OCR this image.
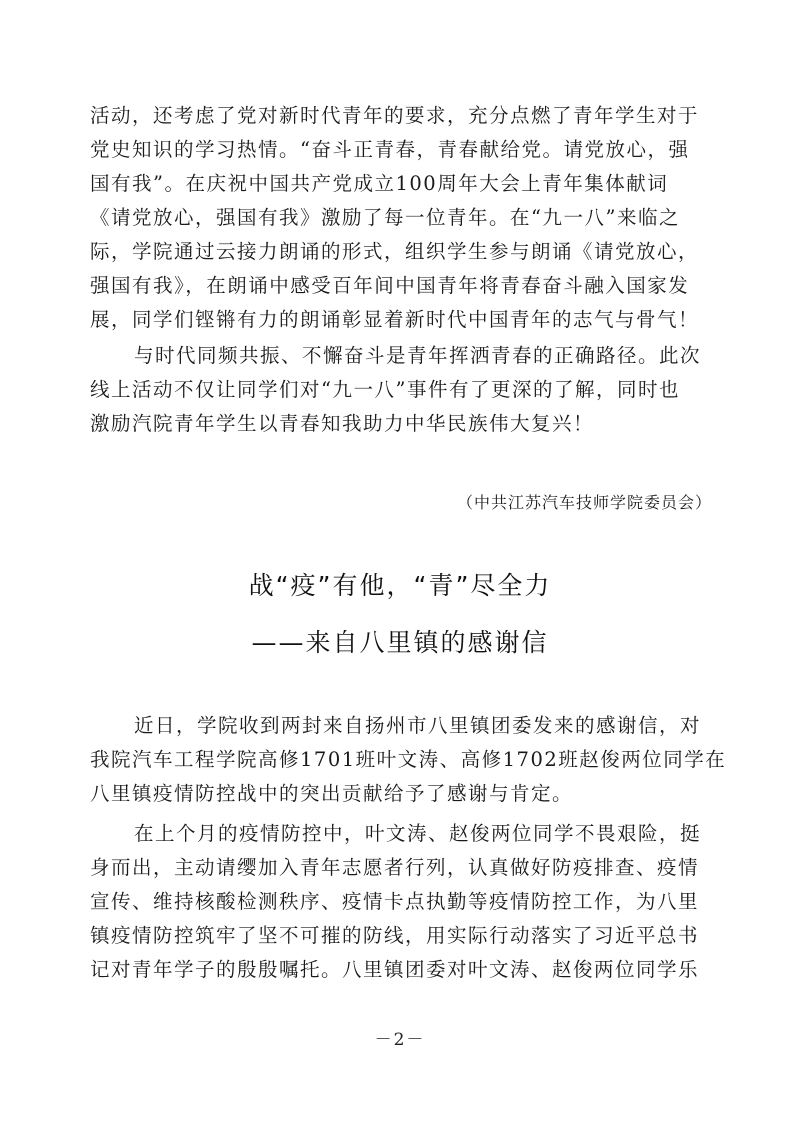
活动，还考虑了党对新时代青年的要求，充分点燃了青年学生对于
党史知识的学习热情。“奋斗正青春，青春献给党。请党放心，强
国有我”。在庆祝中国共产党成立100周年大会上青年集体献词
《请党放心，强国有我》激励了每一位青年。在“九一八”来临之
际，学院通过云接力朗诵的形式，组织学生参与朗诵《请党放心，
强国有我》，在朗诵中感受百年间中国青年将青春奋斗融入国家发
展，同学们铿锵有力的朗诵彰显着新时代中国青年的志气与骨气！
与时代同频共振、不懈奋斗是青年挥洒青春的正确路径。此次
线上活动不仅让同学们对“九一八”事件有了更深的了解，同时也
激励汽院青年学生以青春知我助力中华民族伟大复兴！
（中共江苏汽车技师学院委员会）
战“疫”有他，“青”尽全力
——来自八里镇的感谢信
近日，学院收到两封来自扬州市八里镇团委发来的感谢信，对
我院汽车工程学院高修1701班叶文涛、高修1702班赵俊两位同学在
八里镇疫情防控战中的突出贡献给予了感谢与肯定。
在上个月的疫情防控中，叶文涛、赵俊两位同学不畏艰险，挺
身而出，主动请缨加入青年志愿者行列，认真做好防疫排查、疫情
宣传、维持核酸检测秩序、疫情卡点执勤等疫情防控工作，为八里
镇疫情防控筑牢了坚不可摧的防线，用实际行动落实了习近平总书
记对青年学子的殷殷嘱托。八里镇团委对叶文涛、赵俊两位同学乐
－2－
